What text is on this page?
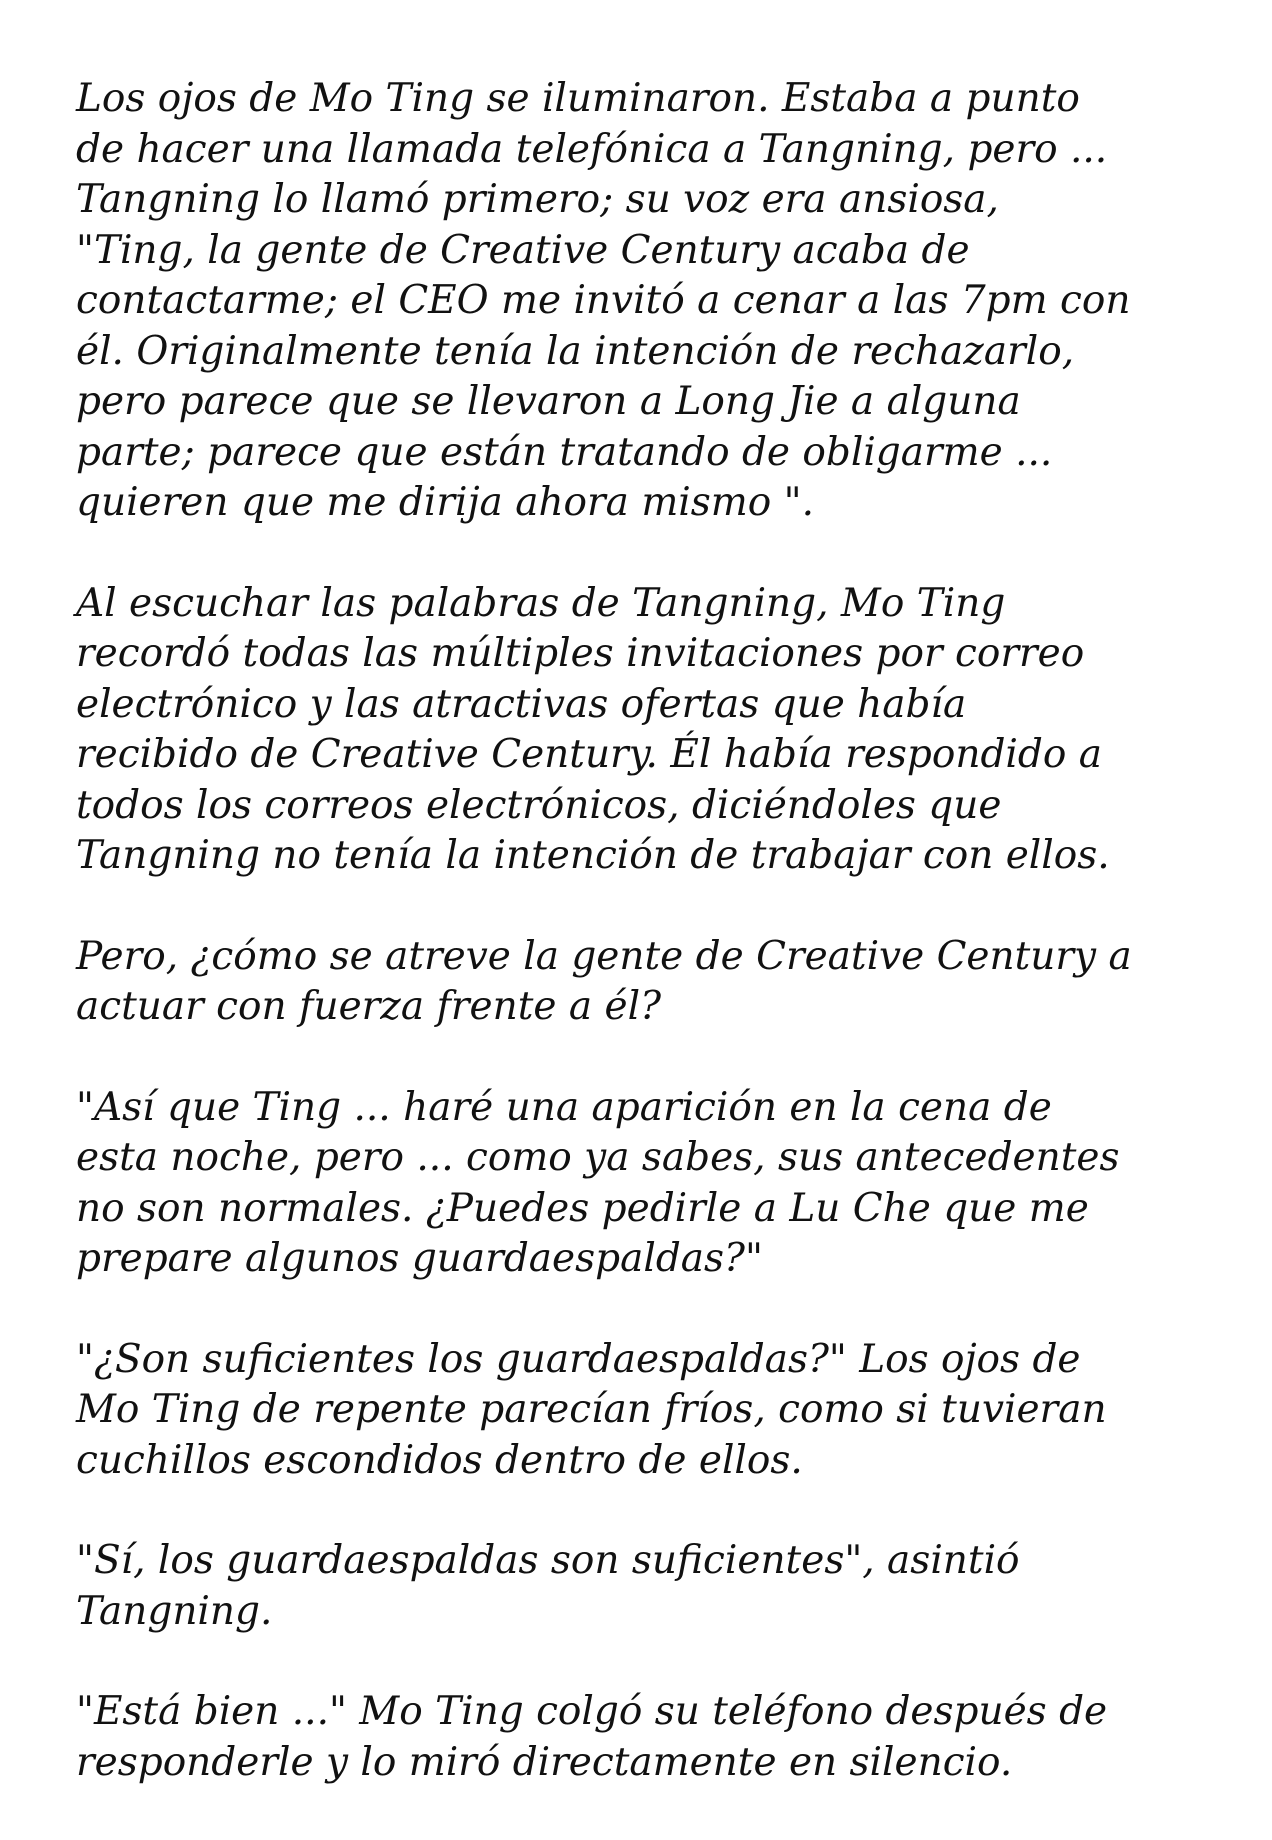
Los ojos de Mo Ting se iluminaron. Estaba a punto
de hacer una llamada telefónica a Tangning, pero ...
Tangning lo llamó primero; su voz era ansiosa,
"Ting, la gente de Creative Century acaba de
contactarme; el CEO me invitó a cenar a las 7pm con
él. Originalmente tenía la intención de rechazarlo,
pero parece que se llevaron a Long Jie a alguna
parte; parece que están tratando de obligarme ...
quieren que me dirija ahora mismo ".

Al escuchar las palabras de Tangning, Mo Ting
recordó todas las múltiples invitaciones por correo
electrónico y las atractivas ofertas que había
recibido de Creative Century. Él había respondido a
todos los correos electrónicos, diciéndoles que
Tangning no tenía la intención de trabajar con ellos.

Pero, ¿cómo se atreve la gente de Creative Century a
actuar con fuerza frente a él?

"Así que Ting ... haré una aparición en la cena de
esta noche, pero ... como ya sabes, sus antecedentes
no son normales. ¿Puedes pedirle a Lu Che que me
prepare algunos guardaespaldas?"

"¿Son suficientes los guardaespaldas?" Los ojos de
Mo Ting de repente parecían fríos, como si tuvieran
cuchillos escondidos dentro de ellos.

"Sí, los guardaespaldas son suficientes", asintió
Tangning.

"Está bien ..." Mo Ting colgó su teléfono después de
responderle y lo miró directamente en silencio.
